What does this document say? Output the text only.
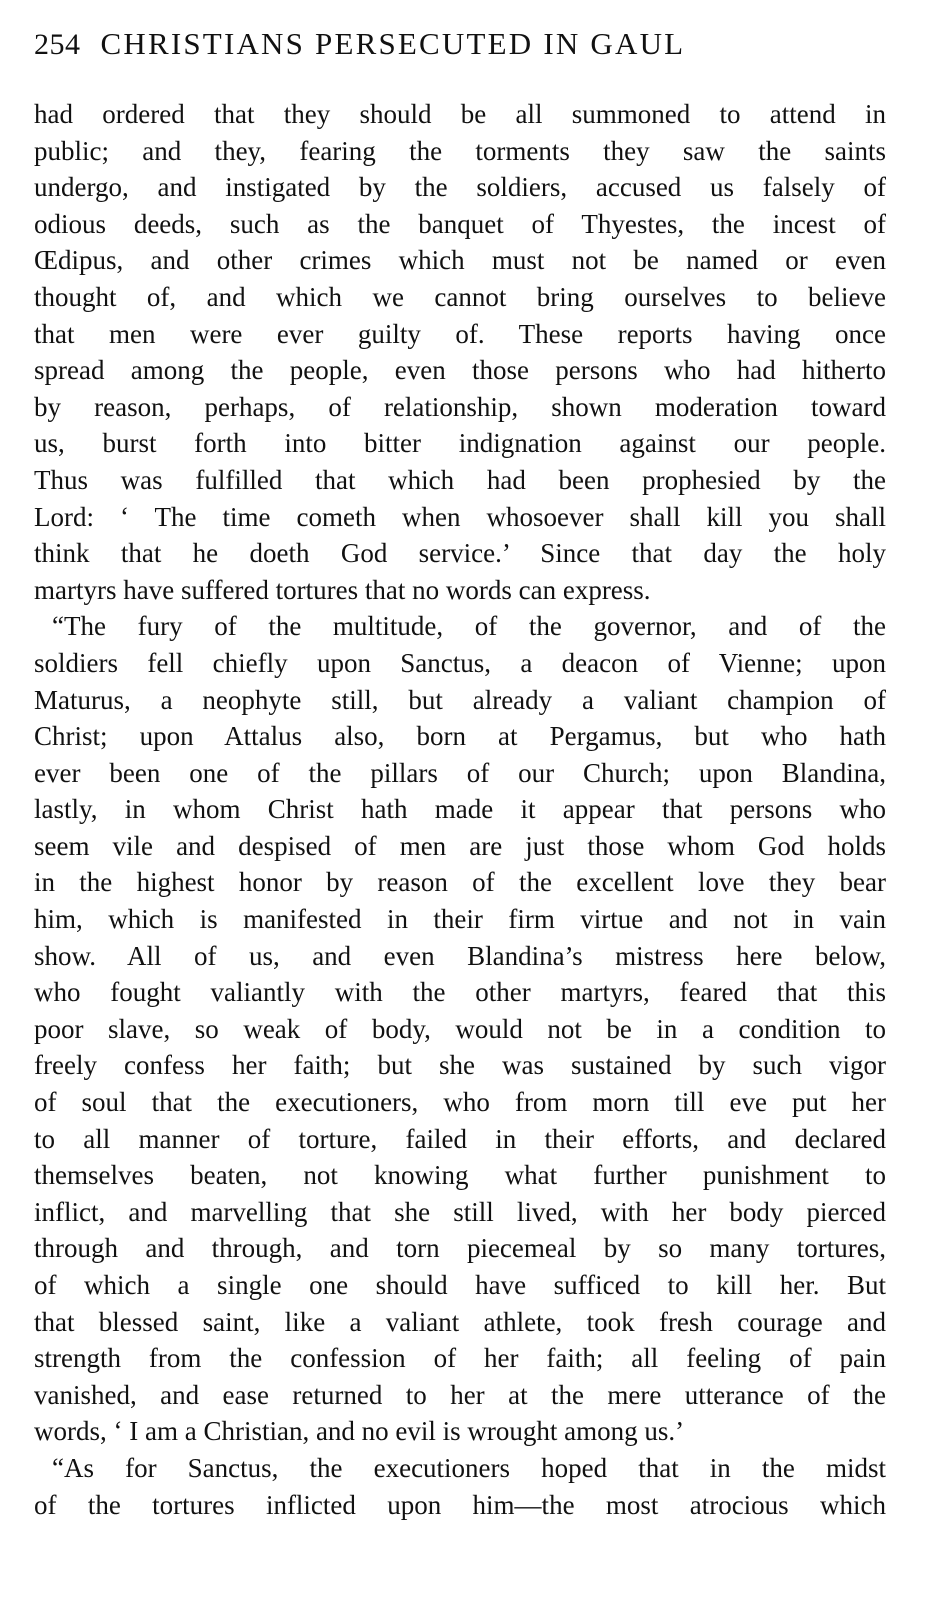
254 CHRISTIANS PERSECUTED IN GAUL
had ordered that they should be all summoned to attend in
public; and they, fearing the torments they saw the saints
undergo, and instigated by the soldiers, accused us falsely of
odious deeds, such as the banquet of Thyestes, the incest of
Œdipus, and other crimes which must not be named or even
thought of, and which we cannot bring ourselves to believe
that men were ever guilty of. These reports having once
spread among the people, even those persons who had hitherto
by reason, perhaps, of relationship, shown moderation toward
us, burst forth into bitter indignation against our people.
Thus was fulfilled that which had been prophesied by the
Lord: ‘ The time cometh when whosoever shall kill you shall
think that he doeth God service.’ Since that day the holy
martyrs have suffered tortures that no words can express.
“The fury of the multitude, of the governor, and of the
soldiers fell chiefly upon Sanctus, a deacon of Vienne; upon
Maturus, a neophyte still, but already a valiant champion of
Christ; upon Attalus also, born at Pergamus, but who hath
ever been one of the pillars of our Church; upon Blandina,
lastly, in whom Christ hath made it appear that persons who
seem vile and despised of men are just those whom God holds
in the highest honor by reason of the excellent love they bear
him, which is manifested in their firm virtue and not in vain
show. All of us, and even Blandina’s mistress here below,
who fought valiantly with the other martyrs, feared that this
poor slave, so weak of body, would not be in a condition to
freely confess her faith; but she was sustained by such vigor
of soul that the executioners, who from morn till eve put her
to all manner of torture, failed in their efforts, and declared
themselves beaten, not knowing what further punishment to
inflict, and marvelling that she still lived, with her body pierced
through and through, and torn piecemeal by so many tortures,
of which a single one should have sufficed to kill her. But
that blessed saint, like a valiant athlete, took fresh courage and
strength from the confession of her faith; all feeling of pain
vanished, and ease returned to her at the mere utterance of the
words, ‘ I am a Christian, and no evil is wrought among us.’
“As for Sanctus, the executioners hoped that in the midst
of the tortures inflicted upon him—the most atrocious which
